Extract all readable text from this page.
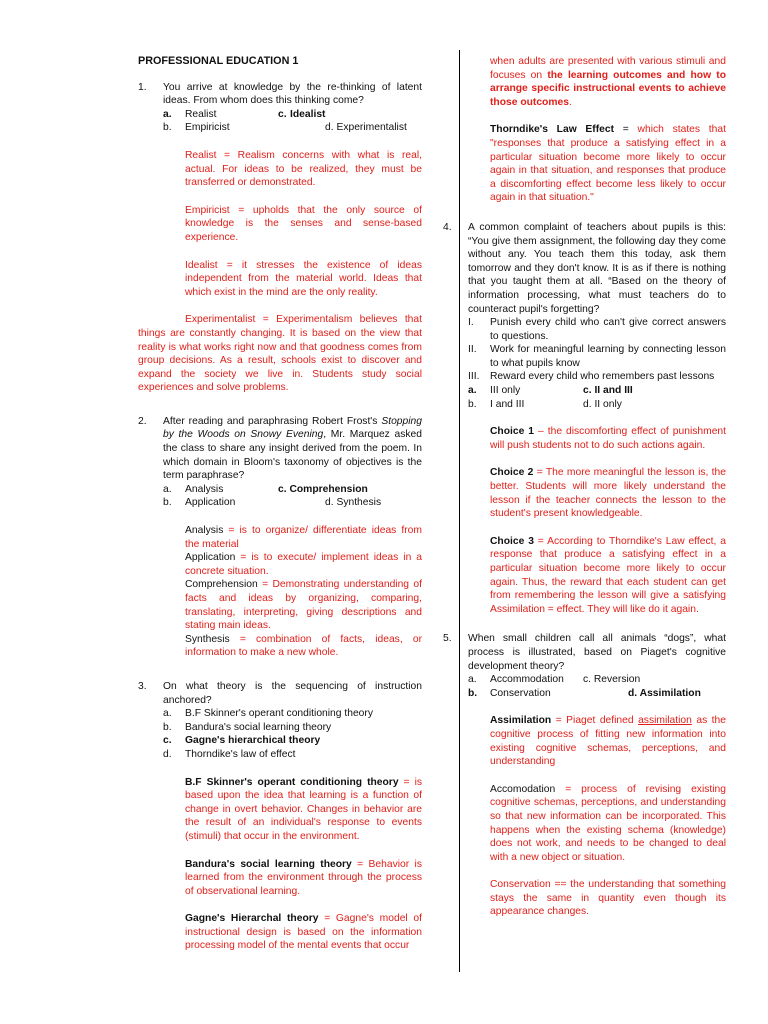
PROFESSIONAL EDUCATION 1
1. You arrive at knowledge by the re-thinking of latent ideas. From whom does this thinking come?
a. Realist	c. Idealist
b. Empiricist	d. Experimentalist
Realist = Realism concerns with what is real, actual. For ideas to be realized, they must be transferred or demonstrated.
Empiricist = upholds that the only source of knowledge is the senses and sense-based experience.
Idealist = it stresses the existence of ideas independent from the material world. Ideas that which exist in the mind are the only reality.
Experimentalist = Experimentalism believes that things are constantly changing. It is based on the view that reality is what works right now and that goodness comes from group decisions. As a result, schools exist to discover and expand the society we live in. Students study social experiences and solve problems.
2. After reading and paraphrasing Robert Frost's Stopping by the Woods on Snowy Evening, Mr. Marquez asked the class to share any insight derived from the poem. In which domain in Bloom's taxonomy of objectives is the term paraphrase?
a. Analysis	c. Comprehension
b. Application	d. Synthesis
Analysis = is to organize/ differentiate ideas from the material
Application = is to execute/ implement ideas in a concrete situation.
Comprehension = Demonstrating understanding of facts and ideas by organizing, comparing, translating, interpreting, giving descriptions and stating main ideas.
Synthesis = combination of facts, ideas, or information to make a new whole.
3. On what theory is the sequencing of instruction anchored?
a. B.F Skinner's operant conditioning theory
b. Bandura's social learning theory
c. Gagne's hierarchical theory
d. Thorndike's law of effect
B.F Skinner's operant conditioning theory = is based upon the idea that learning is a function of change in overt behavior. Changes in behavior are the result of an individual's response to events (stimuli) that occur in the environment.
Bandura's social learning theory = Behavior is learned from the environment through the process of observational learning.
Gagne's Hierarchal theory = Gagne's model of instructional design is based on the information processing model of the mental events that occur
when adults are presented with various stimuli and focuses on the learning outcomes and how to arrange specific instructional events to achieve those outcomes.
Thorndike's Law Effect = which states that "responses that produce a satisfying effect in a particular situation become more likely to occur again in that situation, and responses that produce a discomforting effect become less likely to occur again in that situation."
4. A common complaint of teachers about pupils is this: “You give them assignment, the following day they come without any. You teach them this today, ask them tomorrow and they don't know. It is as if there is nothing that you taught them at all. “Based on the theory of information processing, what must teachers do to counteract pupil's forgetting?
I. Punish every child who can't give correct answers to questions.
II. Work for meaningful learning by connecting lesson to what pupils know
III. Reward every child who remembers past lessons
a. III only	c. II and III
b. I and III	d. II only
Choice 1 – the discomforting effect of punishment will push students not to do such actions again.
Choice 2 = The more meaningful the lesson is, the better. Students will more likely understand the lesson if the teacher connects the lesson to the student's present knowledgeable.
Choice 3 = According to Thorndike's Law effect, a response that produce a satisfying effect in a particular situation become more likely to occur again. Thus, the reward that each student can get from remembering the lesson will give a satisfying Assimilation = effect. They will like do it again.
5. When small children call all animals “dogs”, what process is illustrated, based on Piaget's cognitive development theory?
a. Accommodation c. Reversion
b. Conservation	d. Assimilation
Assimilation = Piaget defined assimilation as the cognitive process of fitting new information into existing cognitive schemas, perceptions, and understanding
Accomodation = process of revising existing cognitive schemas, perceptions, and understanding so that new information can be incorporated. This happens when the existing schema (knowledge) does not work, and needs to be changed to deal with a new object or situation.
Conservation == the understanding that something stays the same in quantity even though its appearance changes.
